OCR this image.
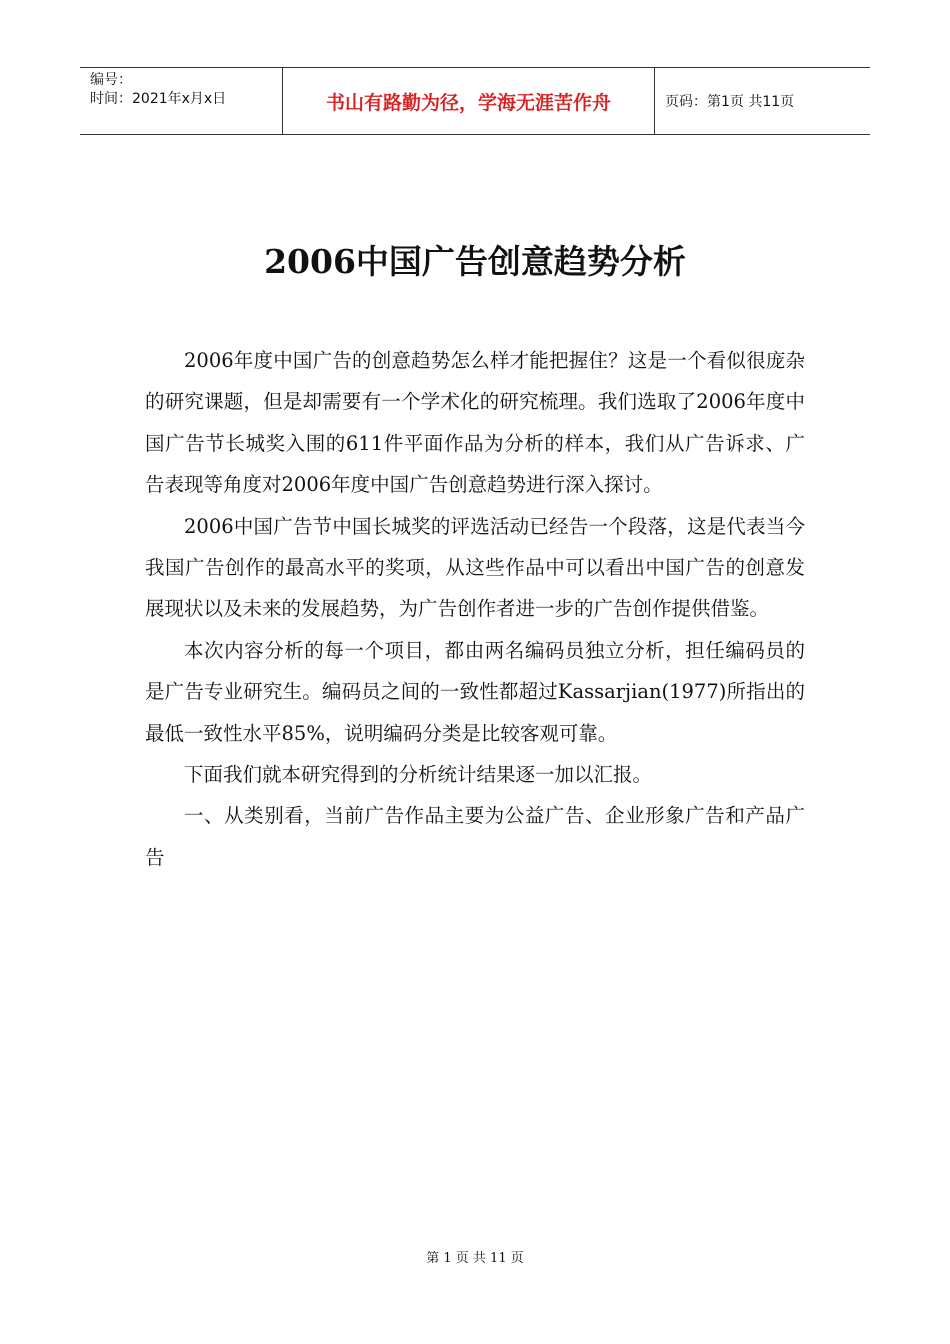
编号：
时间：2021年x月x日	书山有路勤为径，学海无涯苦作舟	页码：第1页 共11页
2006中国广告创意趋势分析

2006年度中国广告的创意趋势怎么样才能把握住？这是一个看似很庞杂的研究课题，但是却需要有一个学术化的研究梳理。我们选取了2006年度中国广告节长城奖入围的611件平面作品为分析的样本，我们从广告诉求、广告表现等角度对2006年度中国广告创意趋势进行深入探讨。

2006中国广告节中国长城奖的评选活动已经告一个段落，这是代表当今我国广告创作的最高水平的奖项，从这些作品中可以看出中国广告的创意发展现状以及未来的发展趋势，为广告创作者进一步的广告创作提供借鉴。

本次内容分析的每一个项目，都由两名编码员独立分析，担任编码员的是广告专业研究生。编码员之间的一致性都超过Kassarjian(1977)所指出的最低一致性水平85%，说明编码分类是比较客观可靠。

下面我们就本研究得到的分析统计结果逐一加以汇报。

一、从类别看，当前广告作品主要为公益广告、企业形象广告和产品广告

第 1 页 共 11 页
